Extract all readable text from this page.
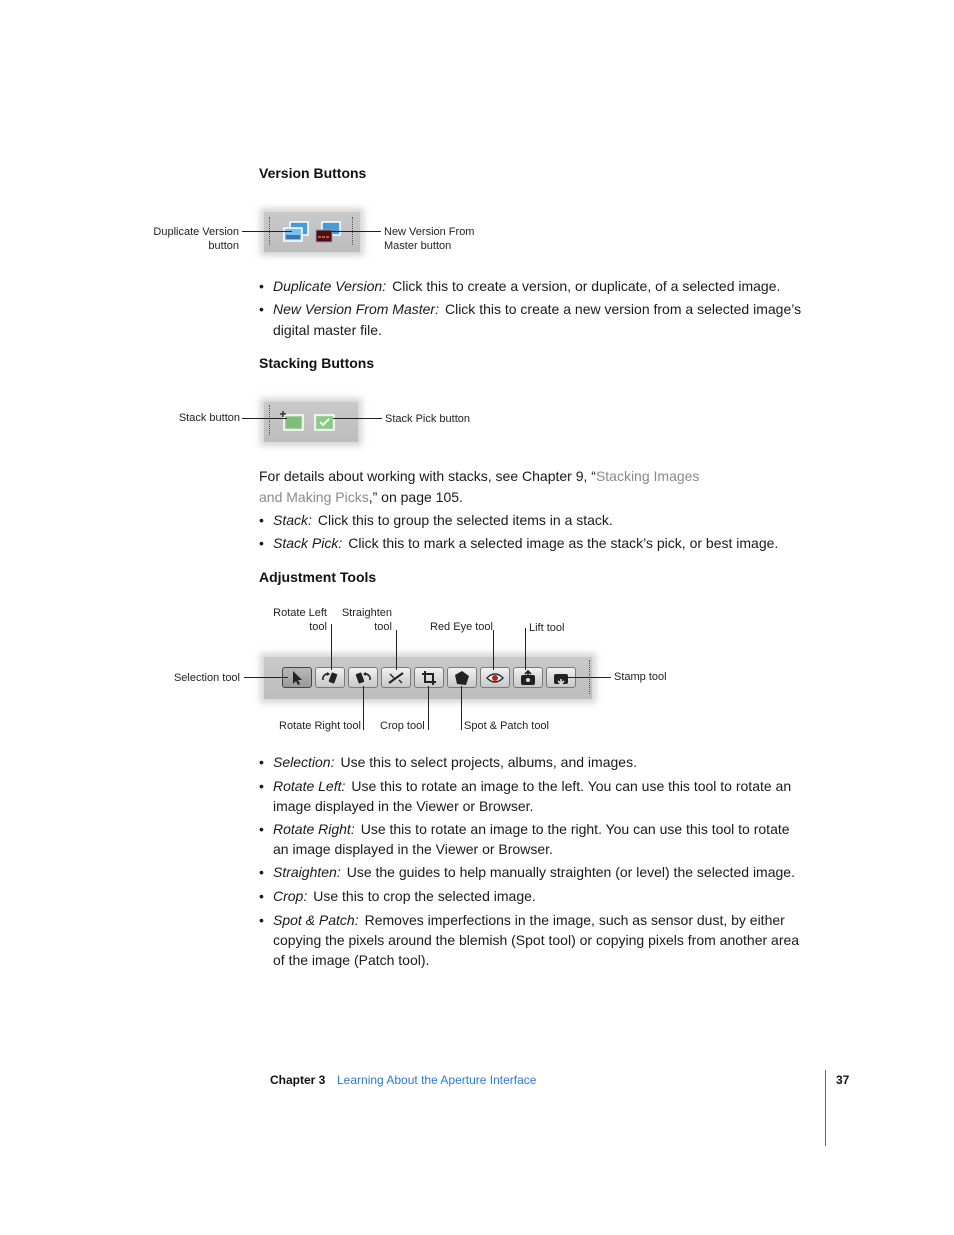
Version Buttons
Duplicate Version
button
New Version From
Master button
• Duplicate Version: Click this to create a version, or duplicate, of a selected image.
• New Version From Master: Click this to create a new version from a selected image’s digital master file.
Stacking Buttons
Stack button	Stack Pick button
For details about working with stacks, see Chapter 9, “Stacking Images and Making Picks,” on page 105.
• Stack: Click this to group the selected items in a stack.
• Stack Pick: Click this to mark a selected image as the stack’s pick, or best image.
Adjustment Tools
Rotate Left
tool
Straighten
tool	Red Eye tool	Lift tool
Selection tool	Stamp tool
Rotate Right tool Crop tool	Spot & Patch tool
• Selection: Use this to select projects, albums, and images.
• Rotate Left: Use this to rotate an image to the left. You can use this tool to rotate an image displayed in the Viewer or Browser.
• Rotate Right: Use this to rotate an image to the right. You can use this tool to rotate an image displayed in the Viewer or Browser.
• Straighten: Use the guides to help manually straighten (or level) the selected image.
• Crop: Use this to crop the selected image.
• Spot & Patch: Removes imperfections in the image, such as sensor dust, by either copying the pixels around the blemish (Spot tool) or copying pixels from another area of the image (Patch tool).
Chapter 3 Learning About the Aperture Interface	37
